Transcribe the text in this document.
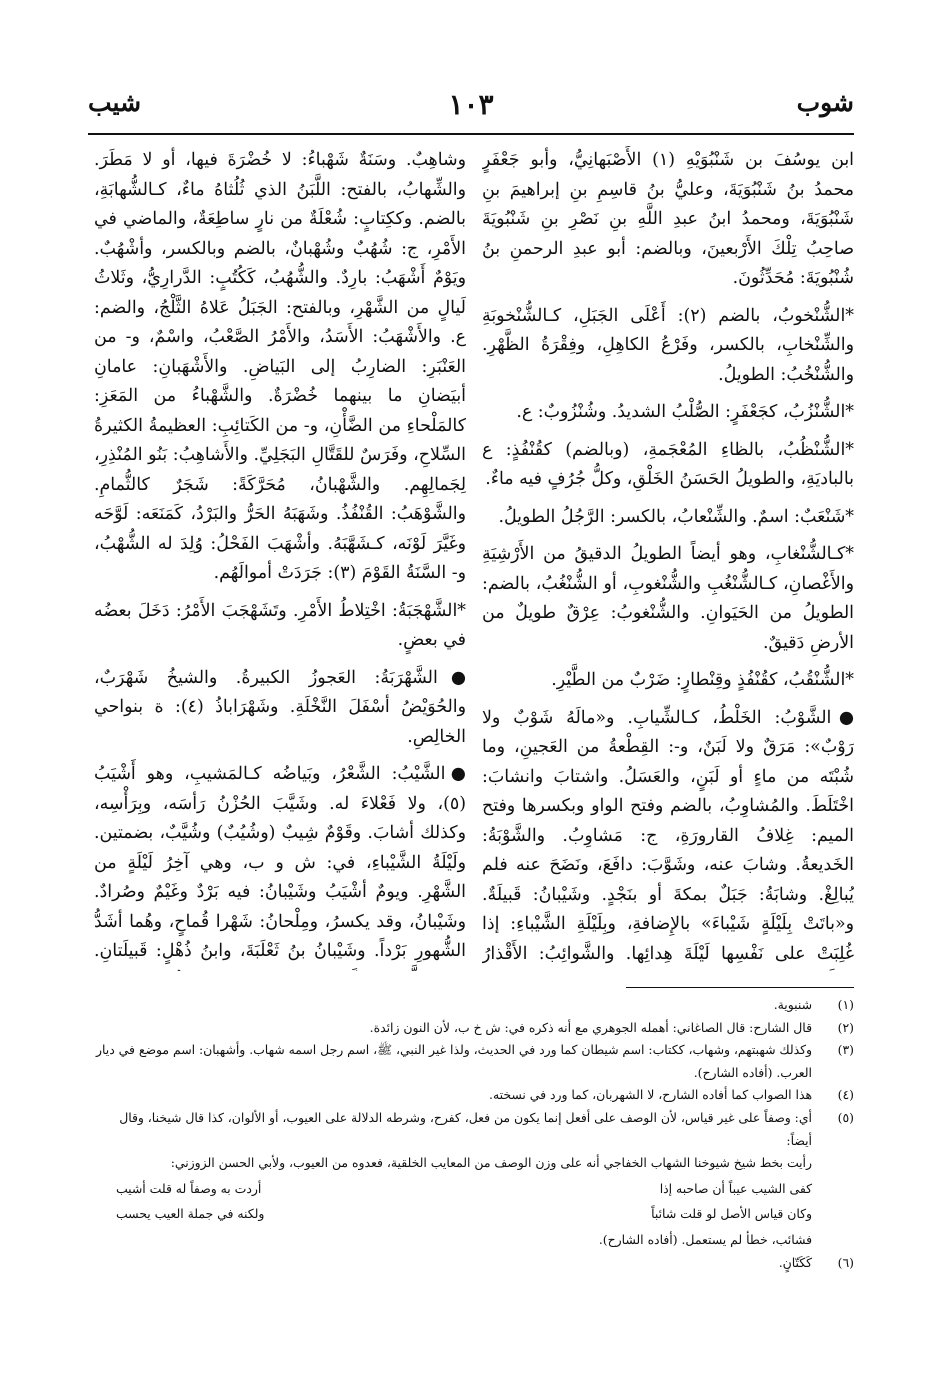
شوب
١٠٣
شيب

ابن يوسُفَ بن شَنْبُوَيْهِ (١) الأَصْبَهانِيُّ، وأبو جَعْفَرٍ محمدُ بنُ شَنْبُوَيَةَ، وعليُّ بنُ قاسِمِ بنِ إبراهيمَ بنِ شَنْبُوَيَةَ، ومحمدُ ابنُ عبدِ اللَّهِ بنِ نَصْرِ بنِ شَنْبُويَةَ صاحِبُ تِلْكَ الأَرْبعينَ، وبالضم: أبو عبدِ الرحمنِ بنُ شُنْبُويَةَ: مُحَدِّثُونَ.

*الشُّنْخوبُ، بالضم (٢): أَعْلَى الجَبَلِ، كـالشُّنْخوبَةِ والشِّنْخابِ، بالكسر، وفَرْعُ الكاهِلِ، وفِقْرَةُ الظَّهْرِ. والشُّنْخُبُ: الطويلُ.

*الشُّنْزُبُ، كجَعْفَرٍ: الصُّلْبُ الشديدُ. وشُنْزُوبٌ: ع.

*الشُّنْظُبُ، بالظاءِ المُعْجَمةِ، (وبالضم) كقُنْفُذٍ: ع بالباديَةِ، والطويلُ الحَسَنُ الخَلْقِ، وكلُّ جُرُفٍ فيه ماءٌ.

*شَنْعَبٌ: اسمٌ. والشِّنْعابُ، بالكسر: الرَّجُلُ الطويلُ.

*كـالشُّنْغابِ، وهو أيضاً الطويلُ الدقيقُ من الأَرْشِيَةِ والأَغْصانِ، كـالشُّنْغُبِ والشُّنْغوبِ، أو الشُّنْغُبُ، بالضم: الطويلُ من الحَيَوانِ. والشُّنْغوبُ: عِرْقٌ طويلٌ من الأرضِ دَقيقٌ.

*الشُّنْقُبُ، كقُنْفُذٍ وقِنْطارٍ: ضَرْبٌ من الطَّيْرِ.

●الشَّوْبُ: الخَلْطُ، كـالشِّيابِ. و«مالَهُ شَوْبٌ ولا رَوْبٌ»: مَرَقٌ ولا لَبَنٌ، و-: القِطْعةُ من العَجينِ، وما شُبْتَه من ماءٍ أو لَبَنٍ، والعَسَلُ. واشتابَ وانشابَ: اخْتَلَطَ. والمُشاوِبُ، بالضم وفتح الواو وبكسرها وفتح الميم: غِلافُ القارورَةِ، ج: مَشاوِبُ. والشَّوْبَةُ: الخَديعةُ. وشابَ عنه، وشَوَّبَ: دافَعَ، ونَضَحَ عنه فلم يُبالِغْ. وشابَةُ: جَبَلٌ بمكةَ أو بنَجْدٍ. وشَيْبانُ: قَبيلَةٌ. و«باتَتْ بِلَيْلَةٍ شَيْباءَ» بالإِضافةِ، وبِلَيْلَةِ الشَّيْباءِ: إذا غُلِبَتْ على نَفْسِها لَيْلَةَ هِدائِها. والشَّوائِبُ: الأَقْذارُ

وشاهِبٌ. وسَنَةٌ شَهْباءُ: لا خُضْرَةَ فيها، أو لا مَطَرَ. والشِّهابُ، بالفتح: اللَّبَنُ الذي ثُلُثاهُ ماءٌ، كـالشُّهابَةِ، بالضم. وككِتابٍ: شُعْلَةٌ من نارٍ ساطِعَةٌ، والماضي في الأَمْرِ، ج: شُهُبٌ وشُهْبانٌ، بالضم وبالكسر، وأشْهُبٌ. ويَوْمٌ أَشْهَبُ: بارِدٌ. والشُّهُبُ، كَكُتُبٍ: الدَّرارِيُّ، وثَلاثُ لَيالٍ من الشَّهْرِ، وبالفتح: الجَبَلُ عَلاهُ الثَّلْجُ، والضم: ع. والأَشْهَبُ: الأَسَدُ، والأَمْرُ الصَّعْبُ، واسْمٌ، و- من العَنْبَرِ: الضارِبُ إلى البَياضِ. والأَشْهَبانِ: عامانِ أبيَضانِ ما بينهما خُضْرَةٌ. والشَّهْباءُ من المَعَزِ: كالمَلْحاءِ من الضَّأْنِ، و- من الكَتائِبِ: العظيمةُ الكثيرةُ السِّلاحِ، وفَرَسٌ للقَتَّالِ البَجَلِيِّ. والأَشاهِبُ: بَنُو المُنْذِرِ، لِجَمالِهِم. والشَّهْبانُ، مُحَرَّكَةً: شَجَرٌ كالثُّمامِ. والشَّوْهَبُ: القُنْفُذُ. وشَهَبَهُ الحَرُّ والبَرْدُ، كَمَنَعَه: لَوَّحَه وغَيَّرَ لَوْنَه، كـشَهَّبَهُ. وأشْهَبَ الفَحْلُ: وُلِدَ له الشُّهْبُ، و- السَّنَةُ القَوْمَ (٣): جَرَدَتْ أموالَهُم.

*الشَّهْجَبَةُ: اخْتِلاطُ الأَمْرِ. وتَشَهْجَبَ الأَمْرُ: دَخَلَ بعضُه في بعضٍ.

●الشَّهْرَبَةُ: العَجوزُ الكبيرةُ. والشيخُ شَهْرَبٌ، والحُوَيْضُ أسْفَلَ النَّخْلَةِ. وشَهْرَاباذُ (٤): ة بنواحي الخالِصِ.

●الشَّيْبُ: الشَّعْرُ، وبَياضُه كـالمَشيبِ، وهو أَشْيَبُ (٥)، ولا فَعْلاءَ له. وشَيَّبَ الحُزْنُ رَأسَه، وبِرَأْسِه، وكذلك أشابَ. وقَوْمٌ شِيبٌ (وشُيُبٌ) وشُيَّبٌ، بضمتين. ولَيْلَةُ الشَّيْباءِ، في: ش و ب، وهي آخِرُ لَيْلَةٍ من الشَّهْرِ. ويومٌ أشْيَبُ وشَيْبانُ: فيه بَرْدٌ وغَيْمٌ وصُرادٌ. وشَيْبانُ، وقد يكسرُ، ومِلْحانُ: شَهْرا قُماحٍ، وهُما أشَدُّ الشُّهورِ بَرْداً. وشَيْبانُ بنُ ثَعْلَبَةَ، وابنُ ذُهْلٍ: قَبيلَتانِ.

(١)
شنبوية.
(٢)
قال الشارح: قال الصاغاني: أهمله الجوهري مع أنه ذكره في: ش خ ب، لأن النون زائدة.
(٣)
وكذلك شهبتهم، وشهاب، ككتاب: اسم شيطان كما ورد في الحديث، ولذا غير النبي، ﷺ، اسم رجل اسمه شهاب. وأشهبان: اسم موضع في ديار العرب. (أفاده الشارح).
(٤)
هذا الصواب كما أفاده الشارح، لا الشهربان، كما ورد في نسخته.
(٥)
أي: وصفاً على غير قياس، لأن الوصف على أفعل إنما يكون من فعل، كفرح، وشرطه الدلالة على العيوب، أو الألوان، كذا قال شيخنا، وقال أيضاً:
رأيت بخط شيخ شيوخنا الشهاب الخفاجي أنه على وزن الوصف من المعايب الخلقية، فعدوه من العيوب، ولأبي الحسن الزوزني:
كفى الشيب عيباً أن صاحبه إذا
أردت به وصفاً له قلت أشيب
وكان قياس الأصل لو قلت شائباً
ولكنه في جملة العيب يحسب
فشائب، خطأ لم يستعمل. (أفاده الشارح).
(٦)
كَكَتّانٍ.
